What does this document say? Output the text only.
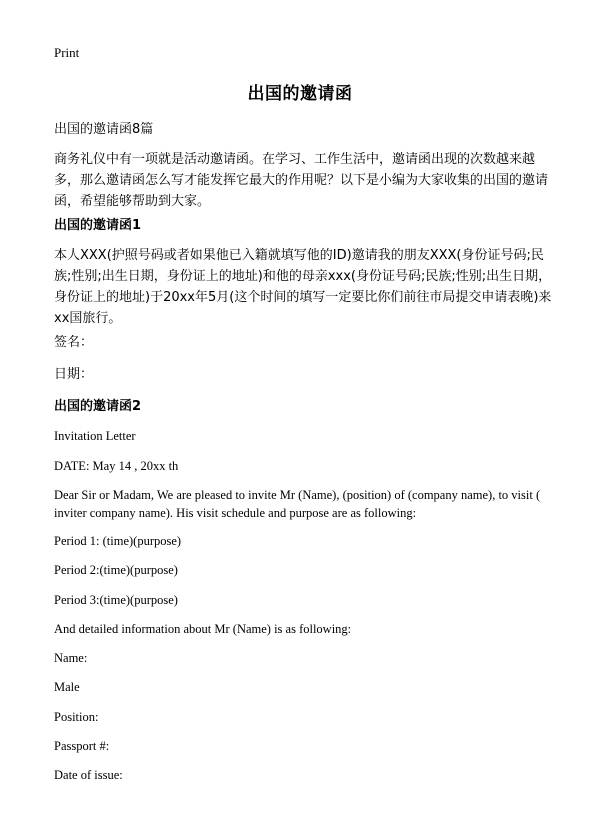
Print
出国的邀请函
出国的邀请函8篇
商务礼仪中有一项就是活动邀请函。在学习、工作生活中，邀请函出现的次数越来越多，那么邀请函怎么写才能发挥它最大的作用呢？以下是小编为大家收集的出国的邀请函，希望能够帮助到大家。
出国的邀请函1
本人XXX(护照号码或者如果他已入籍就填写他的ID)邀请我的朋友XXX(身份证号码;民族;性别;出生日期，身份证上的地址)和他的母亲xxx(身份证号码;民族;性别;出生日期，身份证上的地址)于20xx年5月(这个时间的填写一定要比你们前往市局提交申请表晚)来xx国旅行。
签名：
日期：
出国的邀请函2
Invitation Letter
DATE: May 14 , 20xx th
Dear Sir or Madam, We are pleased to invite Mr (Name), (position) of (company name), to visit ( inviter company name). His visit schedule and purpose are as following:
Period 1: (time)(purpose)
Period 2:(time)(purpose)
Period 3:(time)(purpose)
And detailed information about Mr (Name) is as following:
Name:
Male
Position:
Passport #:
Date of issue:
